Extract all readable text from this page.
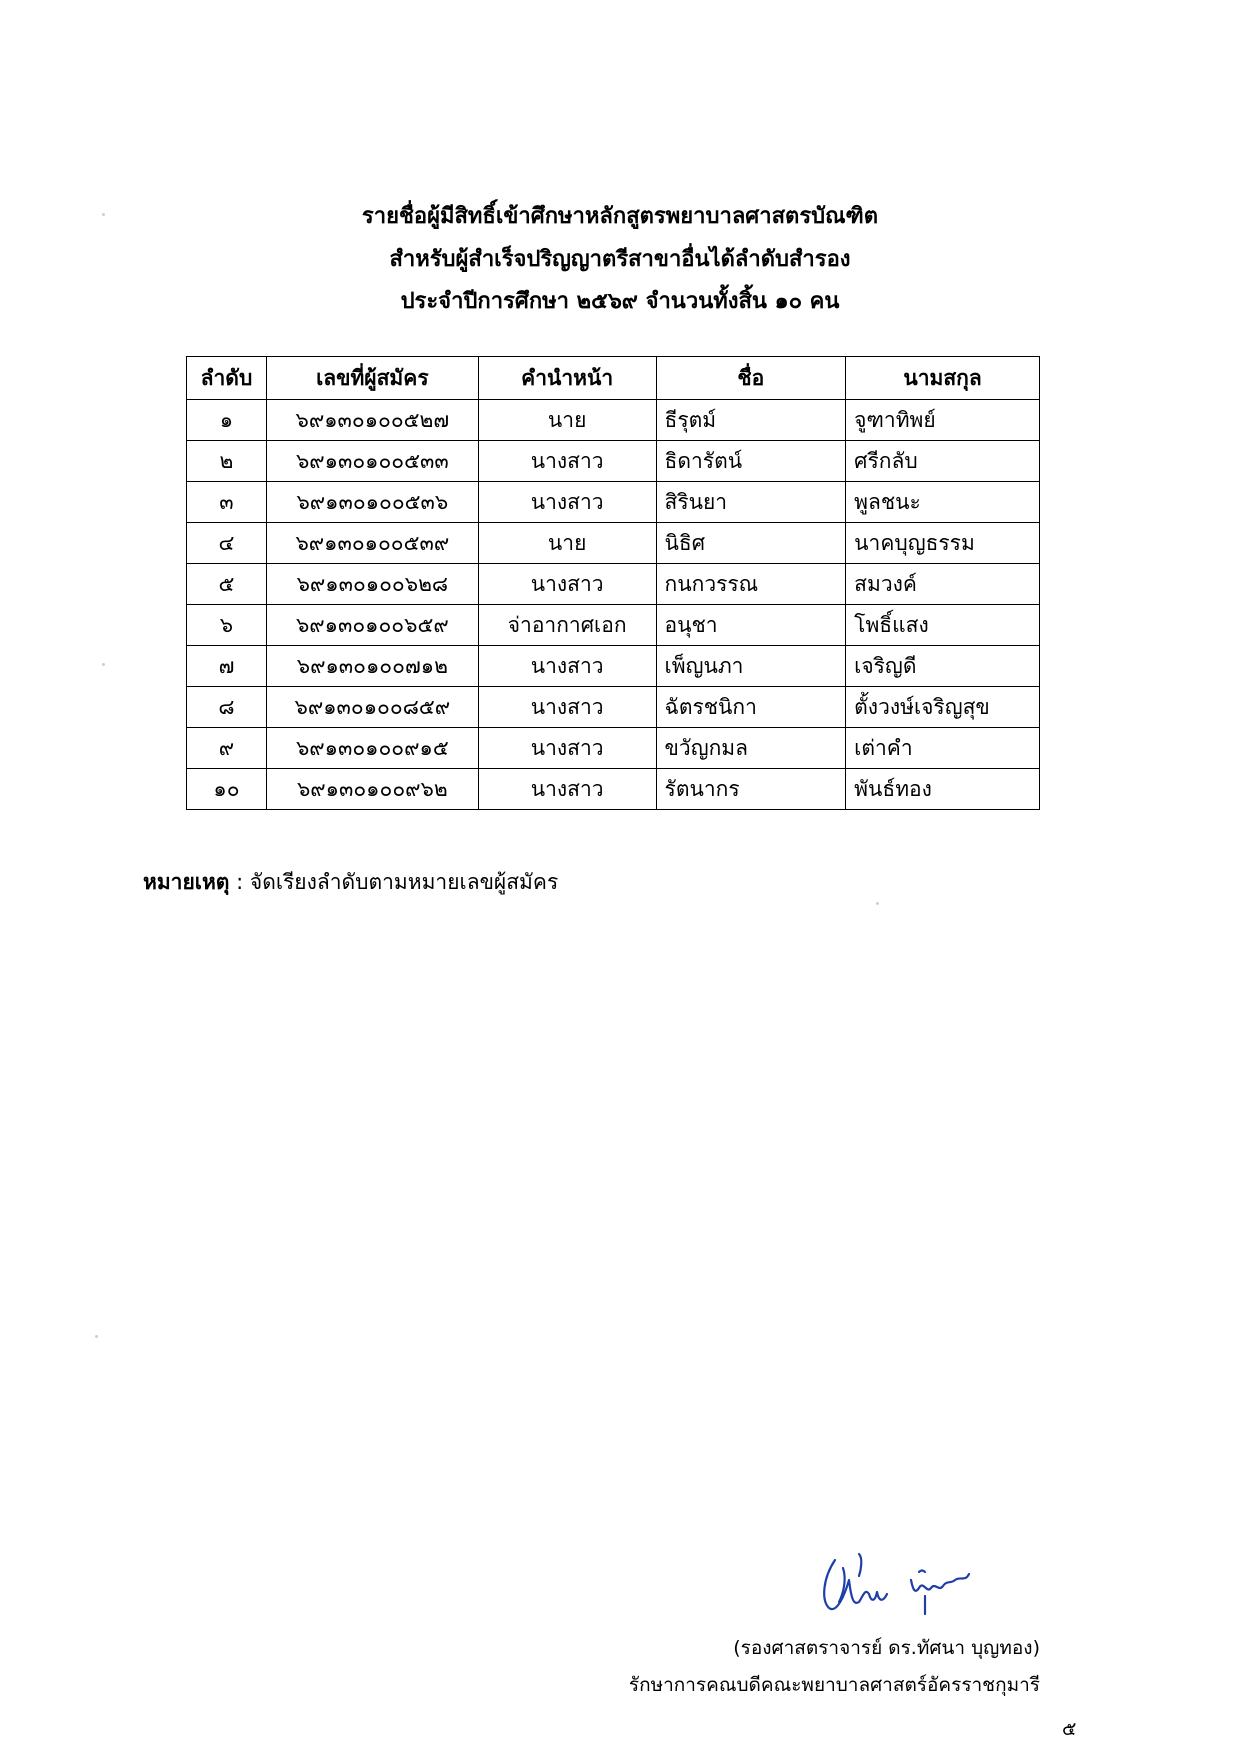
รายชื่อผู้มีสิทธิ์เข้าศึกษาหลักสูตรพยาบาลศาสตรบัณฑิต
สำหรับผู้สำเร็จปริญญาตรีสาขาอื่นได้ลำดับสำรอง
ประจำปีการศึกษา ๒๕๖๙ จำนวนทั้งสิ้น ๑๐ คน
ลำดับ	เลขที่ผู้สมัคร	คำนำหน้า	ชื่อ	นามสกุล
๑	๖๙๑๓๐๑๐๐๕๒๗	นาย	ธีรุตม์	จูฑาทิพย์
๒	๖๙๑๓๐๑๐๐๕๓๓	นางสาว	ธิดารัตน์	ศรีกลับ
๓	๖๙๑๓๐๑๐๐๕๓๖	นางสาว	สิรินยา	พูลชนะ
๔	๖๙๑๓๐๑๐๐๕๓๙	นาย	นิธิศ	นาคบุญธรรม
๕	๖๙๑๓๐๑๐๐๖๒๘	นางสาว	กนกวรรณ	สมวงค์
๖	๖๙๑๓๐๑๐๐๖๕๙	จ่าอากาศเอก	อนุชา	โพธิ์แสง
๗	๖๙๑๓๐๑๐๐๗๑๒	นางสาว	เพ็ญนภา	เจริญดี
๘	๖๙๑๓๐๑๐๐๘๕๙	นางสาว	ฉัตรชนิกา	ตั้งวงษ์เจริญสุข
๙	๖๙๑๓๐๑๐๐๙๑๕	นางสาว	ขวัญกมล	เต่าคำ
๑๐	๖๙๑๓๐๑๐๐๙๖๒	นางสาว	รัตนากร	พันธ์ทอง
หมายเหตุ : จัดเรียงลำดับตามหมายเลขผู้สมัคร
(รองศาสตราจารย์ ดร.ทัศนา บุญทอง)
รักษาการคณบดีคณะพยาบาลศาสตร์อัครราชกุมารี
๕
